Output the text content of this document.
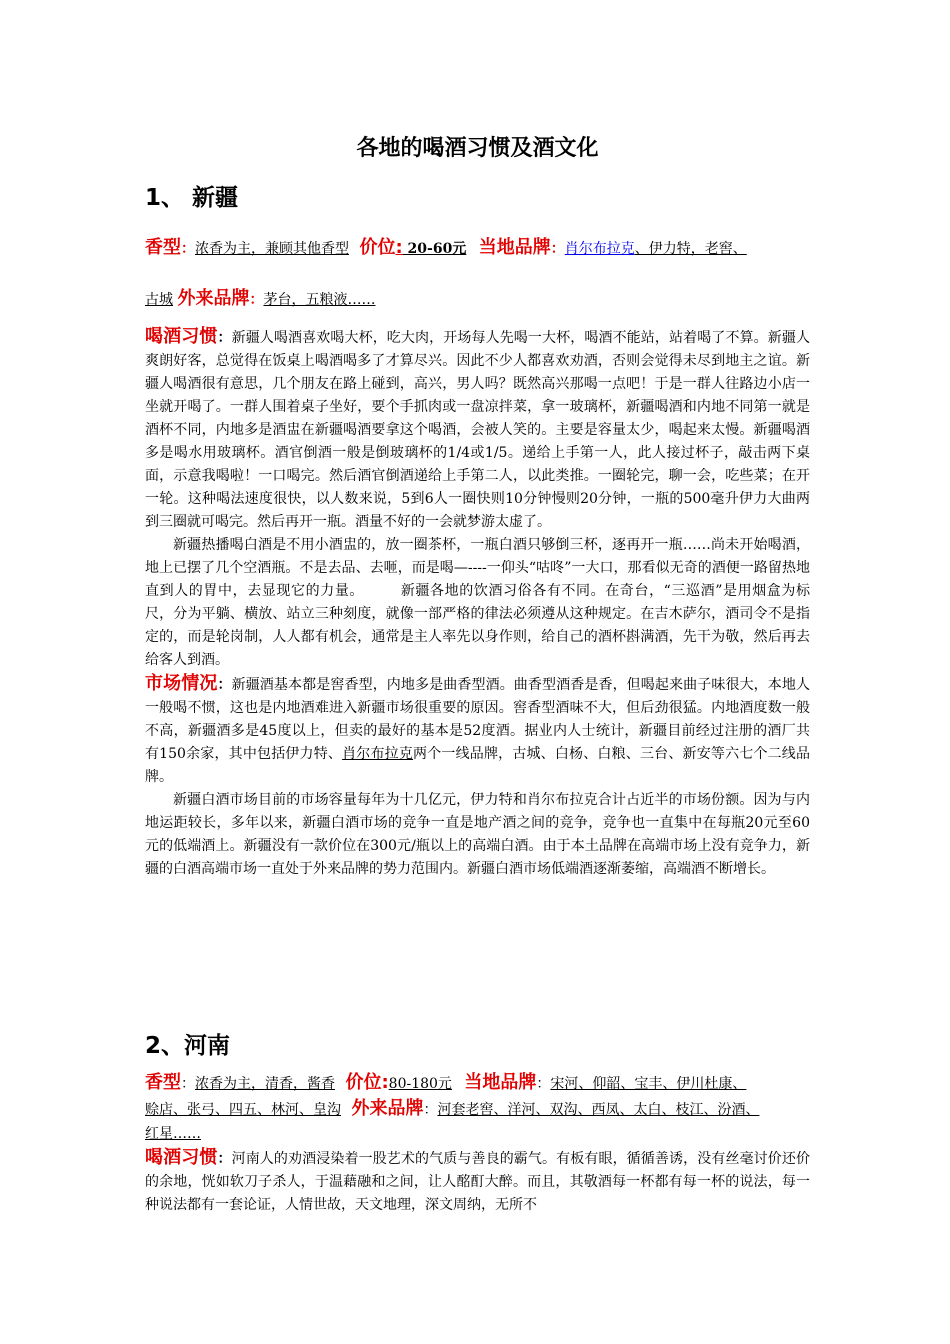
各地的喝酒习惯及酒文化
1、 新疆
香型：浓香为主，兼顾其他香型 价位: 20-60元 当地品牌：肖尔布拉克、伊力特，老窖、
古城 外来品牌：茅台，五粮液……

喝酒习惯：新疆人喝酒喜欢喝大杯，吃大肉，开场每人先喝一大杯，喝酒不能站，站着喝了不算。新疆人爽朗好客，总觉得在饭桌上喝酒喝多了才算尽兴。因此不少人都喜欢劝酒，否则会觉得未尽到地主之谊。新疆人喝酒很有意思，几个朋友在路上碰到，高兴，男人吗？既然高兴那喝一点吧！于是一群人往路边小店一坐就开喝了。一群人围着桌子坐好，要个手抓肉或一盘凉拌菜，拿一玻璃杯，新疆喝酒和内地不同第一就是酒杯不同，内地多是酒盅在新疆喝酒要拿这个喝酒，会被人笑的。主要是容量太少，喝起来太慢。新疆喝酒多是喝水用玻璃杯。酒官倒酒一般是倒玻璃杯的1/4或1/5。递给上手第一人，此人接过杯子，敲击两下桌面，示意我喝啦！一口喝完。然后酒官倒酒递给上手第二人，以此类推。一圈轮完，聊一会，吃些菜；在开一轮。这种喝法速度很快，以人数来说，5到6人一圈快则10分钟慢则20分钟，一瓶的500毫升伊力大曲两到三圈就可喝完。然后再开一瓶。酒量不好的一会就梦游太虚了。

新疆热播喝白酒是不用小酒盅的，放一圈茶杯，一瓶白酒只够倒三杯，逐再开一瓶……尚未开始喝酒，地上已摆了几个空酒瓶。不是去品、去咂，而是喝—----一仰头“咕咚”一大口，那看似无奇的酒便一路留热地直到人的胃中，去显现它的力量。　　　新疆各地的饮酒习俗各有不同。在奇台，“三巡酒”是用烟盒为标尺，分为平躺、横放、站立三种刻度，就像一部严格的律法必须遵从这种规定。在吉木萨尔，酒司令不是指定的，而是轮岗制，人人都有机会，通常是主人率先以身作则，给自己的酒杯斟满酒，先干为敬，然后再去给客人到酒。

市场情况：新疆酒基本都是窖香型，内地多是曲香型酒。曲香型酒香是香，但喝起来曲子味很大，本地人一般喝不惯，这也是内地酒难进入新疆市场很重要的原因。窖香型酒味不大，但后劲很猛。内地酒度数一般不高，新疆酒多是45度以上，但卖的最好的基本是52度酒。据业内人士统计，新疆目前经过注册的酒厂共有150余家，其中包括伊力特、肖尔布拉克两个一线品牌，古城、白杨、白粮、三台、新安等六七个二线品牌。

新疆白酒市场目前的市场容量每年为十几亿元，伊力特和肖尔布拉克合计占近半的市场份额。因为与内地运距较长，多年以来，新疆白酒市场的竞争一直是地产酒之间的竞争，竞争也一直集中在每瓶20元至60元的低端酒上。新疆没有一款价位在300元/瓶以上的高端白酒。由于本土品牌在高端市场上没有竞争力，新疆的白酒高端市场一直处于外来品牌的势力范围内。新疆白酒市场低端酒逐渐萎缩，高端酒不断增长。

2、河南
香型：浓香为主，清香，酱香 价位:80-180元 当地品牌：宋河、仰韶、宝丰、伊川杜康、
赊店、张弓、四五、林河、皇沟 外来品牌：河套老窖、洋河、双沟、西凤、太白、枝江、汾酒、
红星……

喝酒习惯：河南人的劝酒浸染着一股艺术的气质与善良的霸气。有板有眼，循循善诱，没有丝毫讨价还价的余地，恍如软刀子杀人，于温藉融和之间，让人酩酊大醉。而且，其敬酒每一杯都有每一杯的说法，每一种说法都有一套论证，人情世故，天文地理，深文周纳，无所不
